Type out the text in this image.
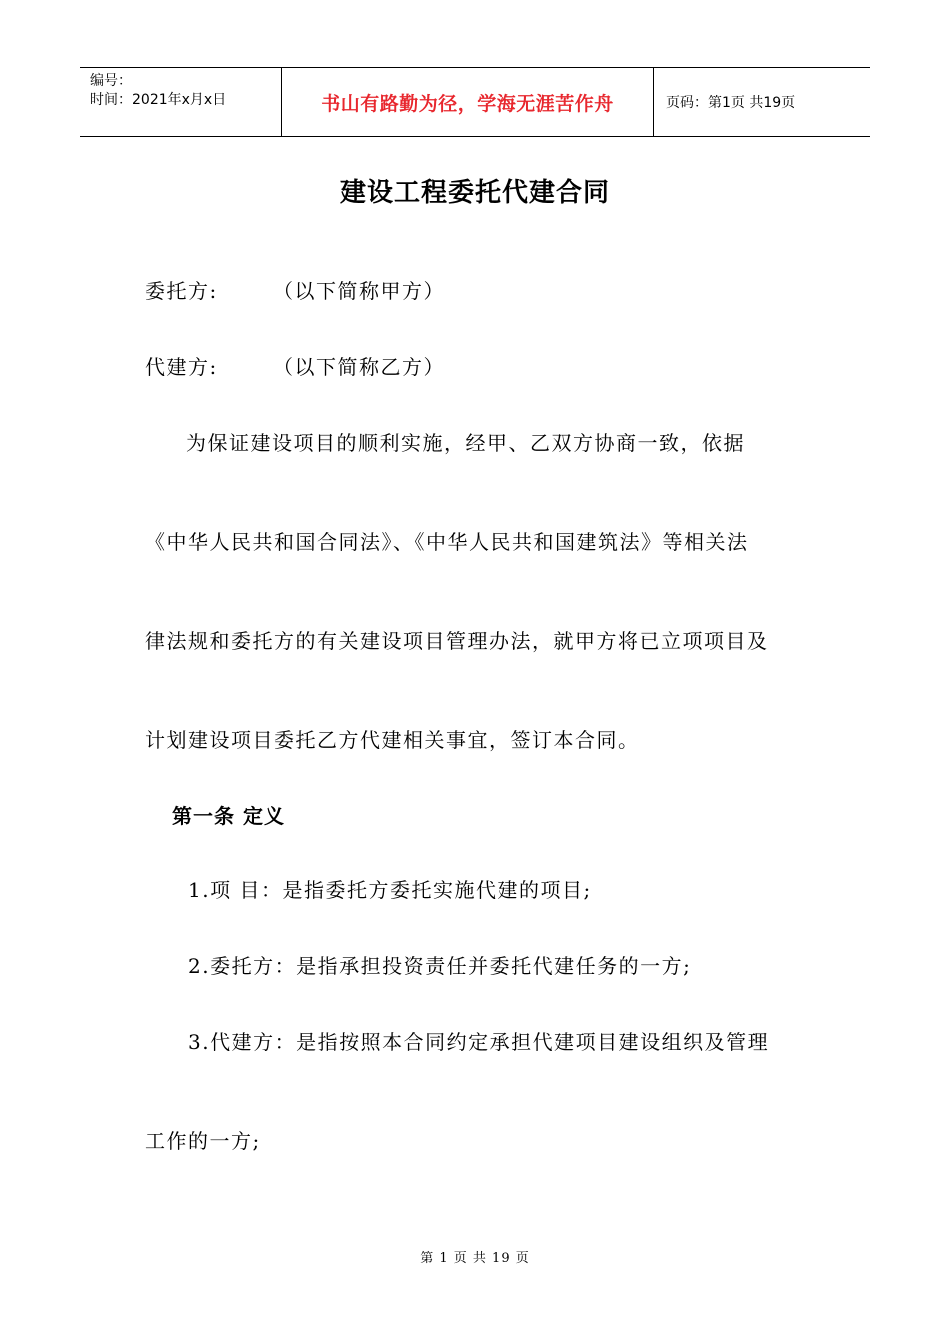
编号：
时间：2021年x月x日	书山有路勤为径，学海无涯苦作舟	页码：第1页 共19页
建设工程委托代建合同
委托方:	（以下简称甲方）
代建方:	（以下简称乙方）
为保证建设项目的顺利实施，经甲、乙双方协商一致，依据
《中华人民共和国合同法》、《中华人民共和国建筑法》等相关法
律法规和委托方的有关建设项目管理办法，就甲方将已立项项目及
计划建设项目委托乙方代建相关事宜，签订本合同。
第一条 定义
1.项 目：是指委托方委托实施代建的项目;
2.委托方：是指承担投资责任并委托代建任务的一方;
3.代建方：是指按照本合同约定承担代建项目建设组织及管理
工作的一方;
第 1 页 共 19 页
